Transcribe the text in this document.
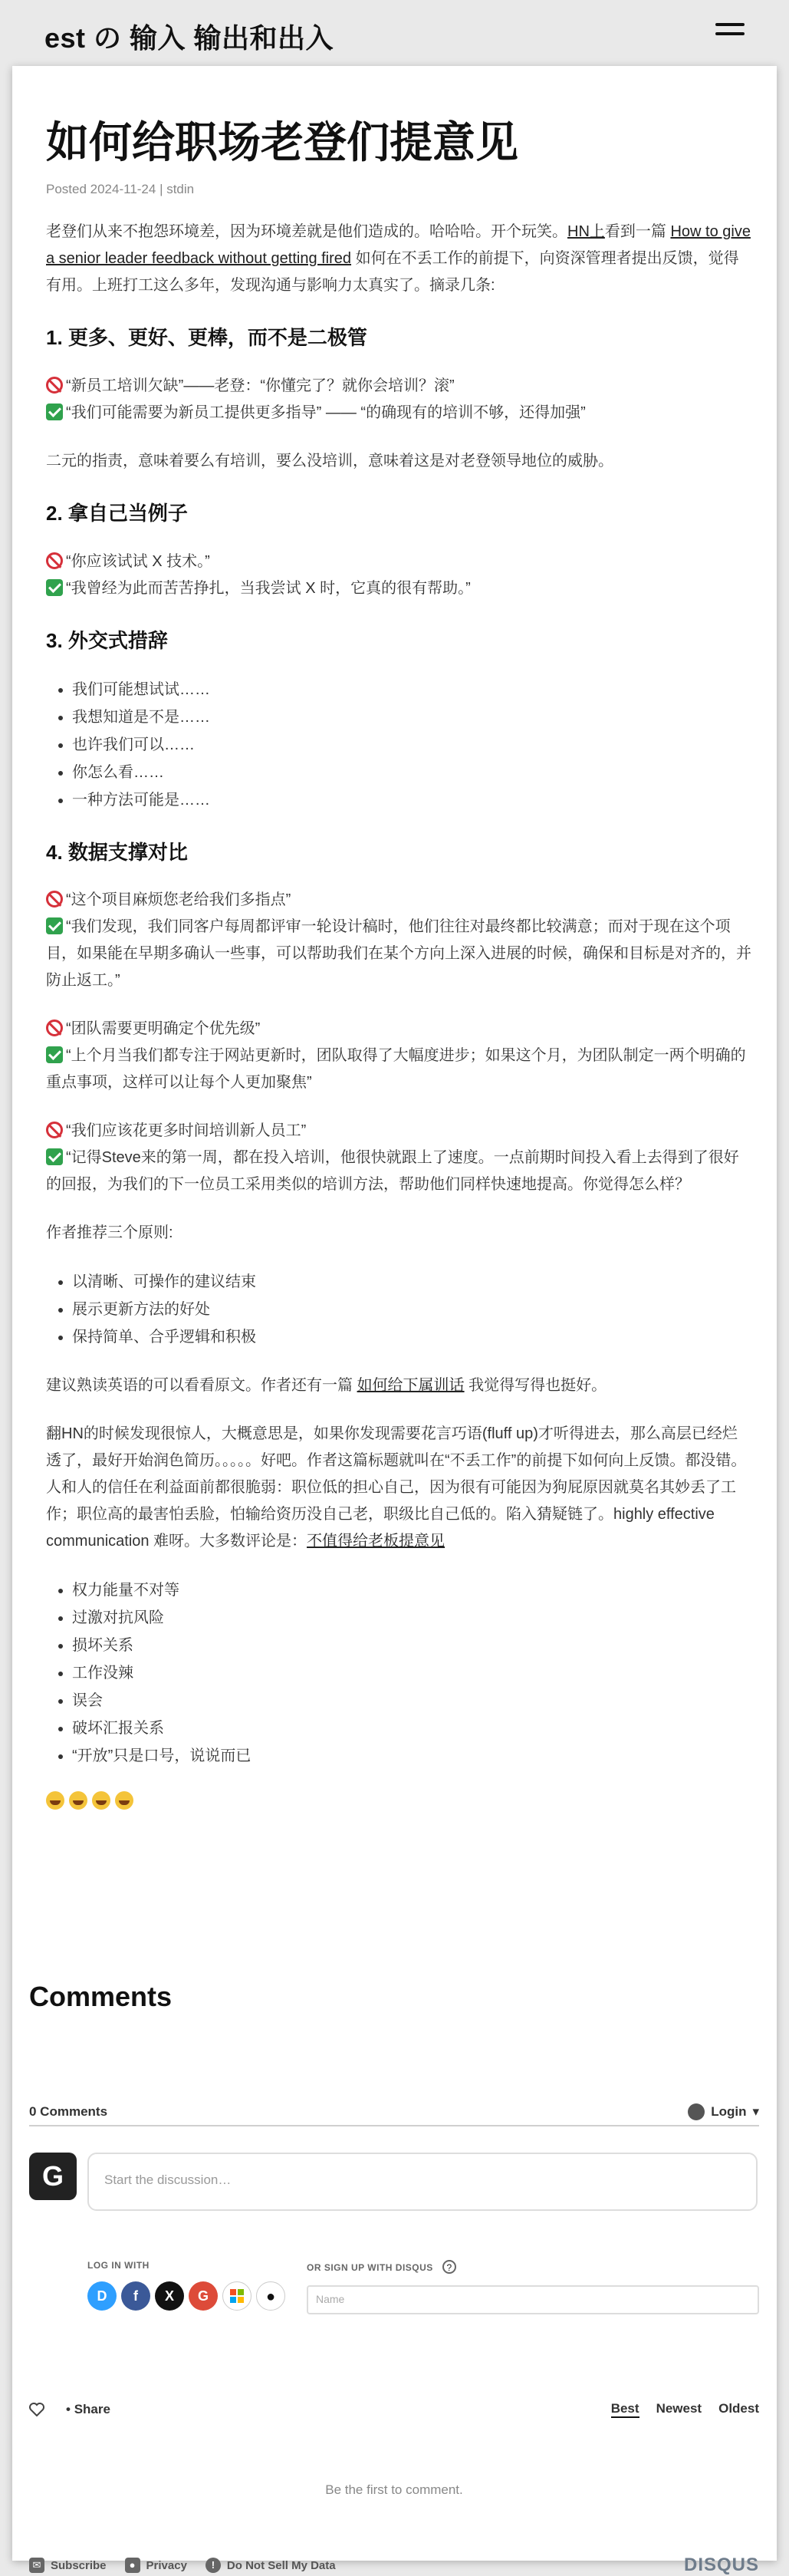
est の 输入 输出和出入
如何给职场老登们提意见
Posted 2024-11-24 | stdin

老登们从来不抱怨环境差，因为环境差就是他们造成的。哈哈哈。开个玩笑。HN上看到一篇 How to give a senior leader feedback without getting fired 如何在不丢工作的前提下，向资深管理者提出反馈，觉得有用。上班打工这么多年，发现沟通与影响力太真实了。摘录几条:

1. 更多、更好、更棒，而不是二极管

“新员工培训欠缺”——老登：“你懂完了？就你会培训？滚”
“我们可能需要为新员工提供更多指导” —— “的确现有的培训不够，还得加强”

二元的指责，意味着要么有培训，要么没培训，意味着这是对老登领导地位的威胁。

2. 拿自己当例子

“你应该试试 X 技术。”
“我曾经为此而苦苦挣扎，当我尝试 X 时，它真的很有帮助。”

3. 外交式措辞
• 我们可能想试试……
• 我想知道是不是……
• 也许我们可以……
• 你怎么看……
• 一种方法可能是……
4. 数据支撑对比

“这个项目麻烦您老给我们多指点”
“我们发现，我们同客户每周都评审一轮设计稿时，他们往往对最终都比较满意；而对于现在这个项目，如果能在早期多确认一些事，可以帮助我们在某个方向上深入进展的时候，确保和目标是对齐的，并防止返工。”

“团队需要更明确定个优先级”
“上个月当我们都专注于网站更新时，团队取得了大幅度进步；如果这个月，为团队制定一两个明确的重点事项，这样可以让每个人更加聚焦”

“我们应该花更多时间培训新人员工”
“记得Steve来的第一周，都在投入培训，他很快就跟上了速度。一点前期时间投入看上去得到了很好的回报，为我们的下一位员工采用类似的培训方法，帮助他们同样快速地提高。你觉得怎么样？

作者推荐三个原则:

• 以清晰、可操作的建议结束
• 展示更新方法的好处
• 保持简单、合乎逻辑和积极

建议熟读英语的可以看看原文。作者还有一篇 如何给下属训话 我觉得写得也挺好。

翻HN的时候发现很惊人，大概意思是，如果你发现需要花言巧语(fluff up)才听得进去，那么高层已经烂透了，最好开始润色简历。。。。。好吧。作者这篇标题就叫在“不丢工作”的前提下如何向上反馈。都没错。人和人的信任在利益面前都很脆弱：职位低的担心自己，因为很有可能因为狗屁原因就莫名其妙丢了工作；职位高的最害怕丢脸，怕输给资历没自己老，职级比自己低的。陷入猜疑链了。highly effective communication 难呀。大多数评论是：不值得给老板提意见

• 权力能量不对等
• 过激对抗风险
• 损坏关系
• 工作没辣
• 误会
• 破坏汇报关系
• “开放”只是口号，说说而已
Comments
0 Comments	Login ▾
G	Start the discussion…
LOG IN WITH
D	f	X	G	●
OR SIGN UP WITH DISQUS ?
Name
• Share	Best Newest Oldest
Be the first to comment.
✉ Subscribe	● Privacy	!	Do Not Sell My Data	DISQUS
